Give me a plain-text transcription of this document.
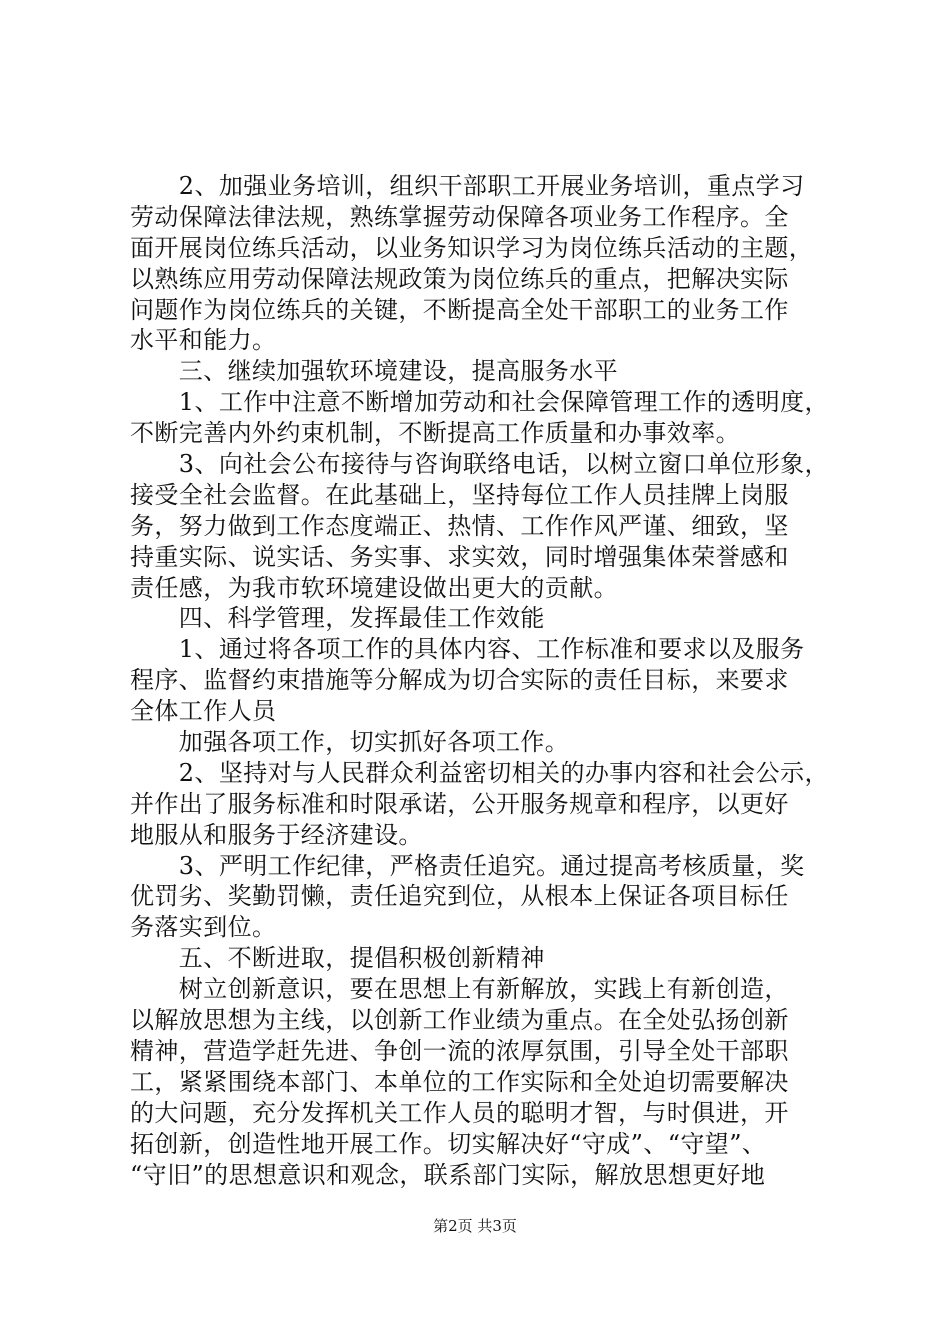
　　2、加强业务培训，组织干部职工开展业务培训，重点学习
劳动保障法律法规，熟练掌握劳动保障各项业务工作程序。全
面开展岗位练兵活动，以业务知识学习为岗位练兵活动的主题，
以熟练应用劳动保障法规政策为岗位练兵的重点，把解决实际
问题作为岗位练兵的关键，不断提高全处干部职工的业务工作
水平和能力。
　　三、继续加强软环境建设，提高服务水平
　　1、工作中注意不断增加劳动和社会保障管理工作的透明度，
不断完善内外约束机制，不断提高工作质量和办事效率。
　　3、向社会公布接待与咨询联络电话，以树立窗口单位形象，
接受全社会监督。在此基础上，坚持每位工作人员挂牌上岗服
务，努力做到工作态度端正、热情、工作作风严谨、细致，坚
持重实际、说实话、务实事、求实效，同时增强集体荣誉感和
责任感，为我市软环境建设做出更大的贡献。
　　四、科学管理，发挥最佳工作效能
　　1、通过将各项工作的具体内容、工作标准和要求以及服务
程序、监督约束措施等分解成为切合实际的责任目标，来要求
全体工作人员
　　加强各项工作，切实抓好各项工作。
　　2、坚持对与人民群众利益密切相关的办事内容和社会公示，
并作出了服务标准和时限承诺，公开服务规章和程序，以更好
地服从和服务于经济建设。
　　3、严明工作纪律，严格责任追究。通过提高考核质量，奖
优罚劣、奖勤罚懒，责任追究到位，从根本上保证各项目标任
务落实到位。
　　五、不断进取，提倡积极创新精神
　　树立创新意识，要在思想上有新解放，实践上有新创造，
以解放思想为主线，以创新工作业绩为重点。在全处弘扬创新
精神，营造学赶先进、争创一流的浓厚氛围，引导全处干部职
工，紧紧围绕本部门、本单位的工作实际和全处迫切需要解决
的大问题，充分发挥机关工作人员的聪明才智，与时俱进，开
拓创新，创造性地开展工作。切实解决好“守成”、“守望”、
“守旧”的思想意识和观念，联系部门实际，解放思想更好地
第2页 共3页
